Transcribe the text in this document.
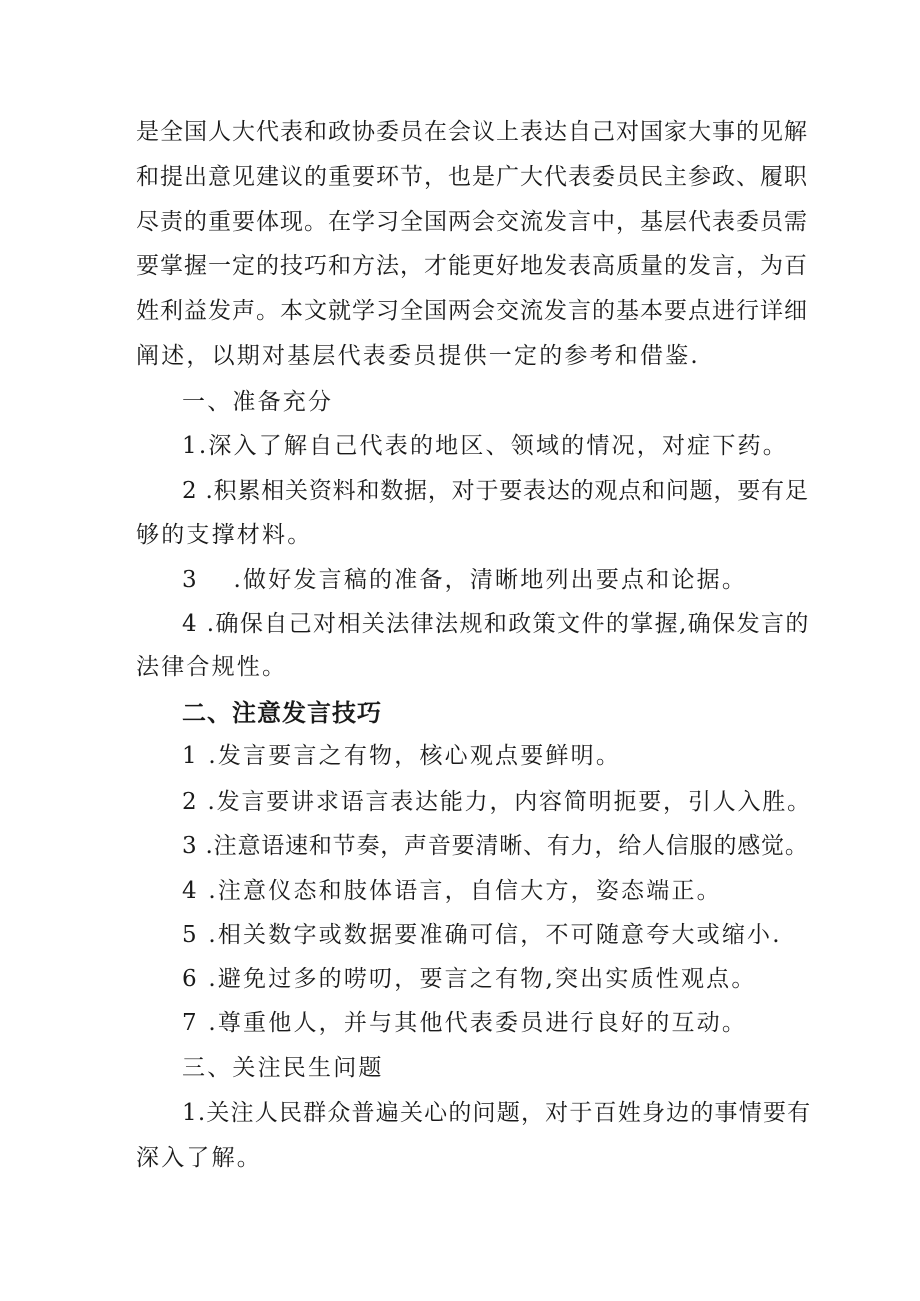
是全国人大代表和政协委员在会议上表达自己对国家大事的见解
和提出意见建议的重要环节，也是广大代表委员民主参政、履职
尽责的重要体现。在学习全国两会交流发言中，基层代表委员需
要掌握一定的技巧和方法，才能更好地发表高质量的发言，为百
姓利益发声。本文就学习全国两会交流发言的基本要点进行详细
阐述，以期对基层代表委员提供一定的参考和借鉴.
一、准备充分
1.深入了解自己代表的地区、领域的情况，对症下药。
2 .积累相关资料和数据，对于要表达的观点和问题，要有足
够的支撑材料。
3　 .做好发言稿的准备，清晰地列出要点和论据。
4 .确保自己对相关法律法规和政策文件的掌握,确保发言的
法律合规性。
二、注意发言技巧
1 .发言要言之有物，核心观点要鲜明。
2 .发言要讲求语言表达能力，内容简明扼要，引人入胜。
3 .注意语速和节奏，声音要清晰、有力，给人信服的感觉。
4 .注意仪态和肢体语言，自信大方，姿态端正。
5 .相关数字或数据要准确可信，不可随意夸大或缩小.
6 .避免过多的唠叨，要言之有物,突出实质性观点。
7 .尊重他人，并与其他代表委员进行良好的互动。
三、关注民生问题
1.关注人民群众普遍关心的问题，对于百姓身边的事情要有
深入了解。
